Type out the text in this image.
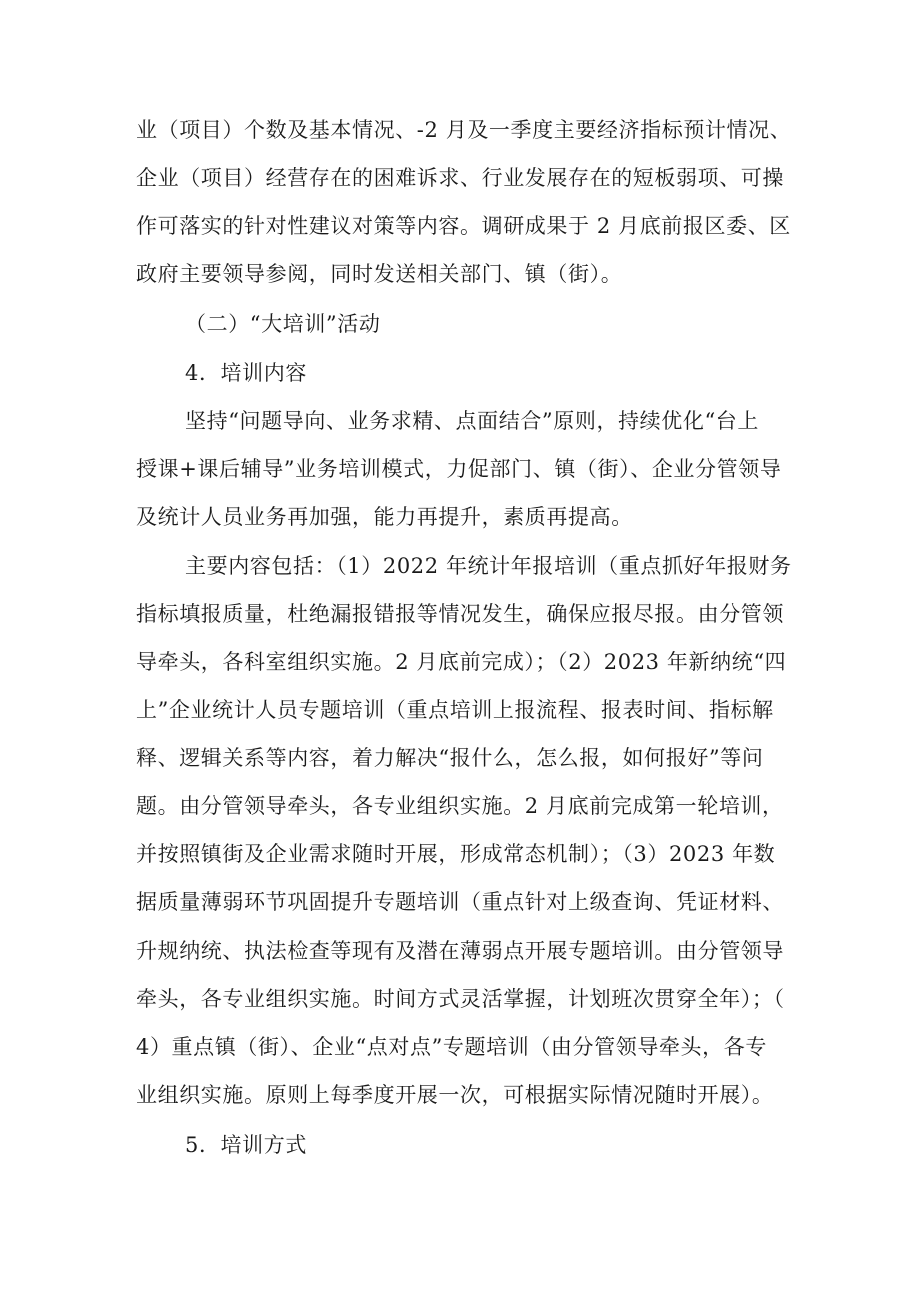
业（项目）个数及基本情况、-2 月及一季度主要经济指标预计情况、
企业（项目）经营存在的困难诉求、行业发展存在的短板弱项、可操
作可落实的针对性建议对策等内容。调研成果于 2 月底前报区委、区
政府主要领导参阅，同时发送相关部门、镇（街）。
（二）“大培训”活动
4．培训内容
坚持“问题导向、业务求精、点面结合”原则，持续优化“台上
授课+课后辅导”业务培训模式，力促部门、镇（街）、企业分管领导
及统计人员业务再加强，能力再提升，素质再提高。
主要内容包括：（1）2022 年统计年报培训（重点抓好年报财务
指标填报质量，杜绝漏报错报等情况发生，确保应报尽报。由分管领
导牵头，各科室组织实施。2 月底前完成）；（2）2023 年新纳统“四
上”企业统计人员专题培训（重点培训上报流程、报表时间、指标解
释、逻辑关系等内容，着力解决“报什么，怎么报，如何报好”等问
题。由分管领导牵头，各专业组织实施。2 月底前完成第一轮培训，
并按照镇街及企业需求随时开展，形成常态机制）；（3）2023 年数
据质量薄弱环节巩固提升专题培训（重点针对上级查询、凭证材料、
升规纳统、执法检查等现有及潜在薄弱点开展专题培训。由分管领导
牵头，各专业组织实施。时间方式灵活掌握，计划班次贯穿全年）；（
4）重点镇（街）、企业“点对点”专题培训（由分管领导牵头，各专
业组织实施。原则上每季度开展一次，可根据实际情况随时开展）。
5．培训方式
